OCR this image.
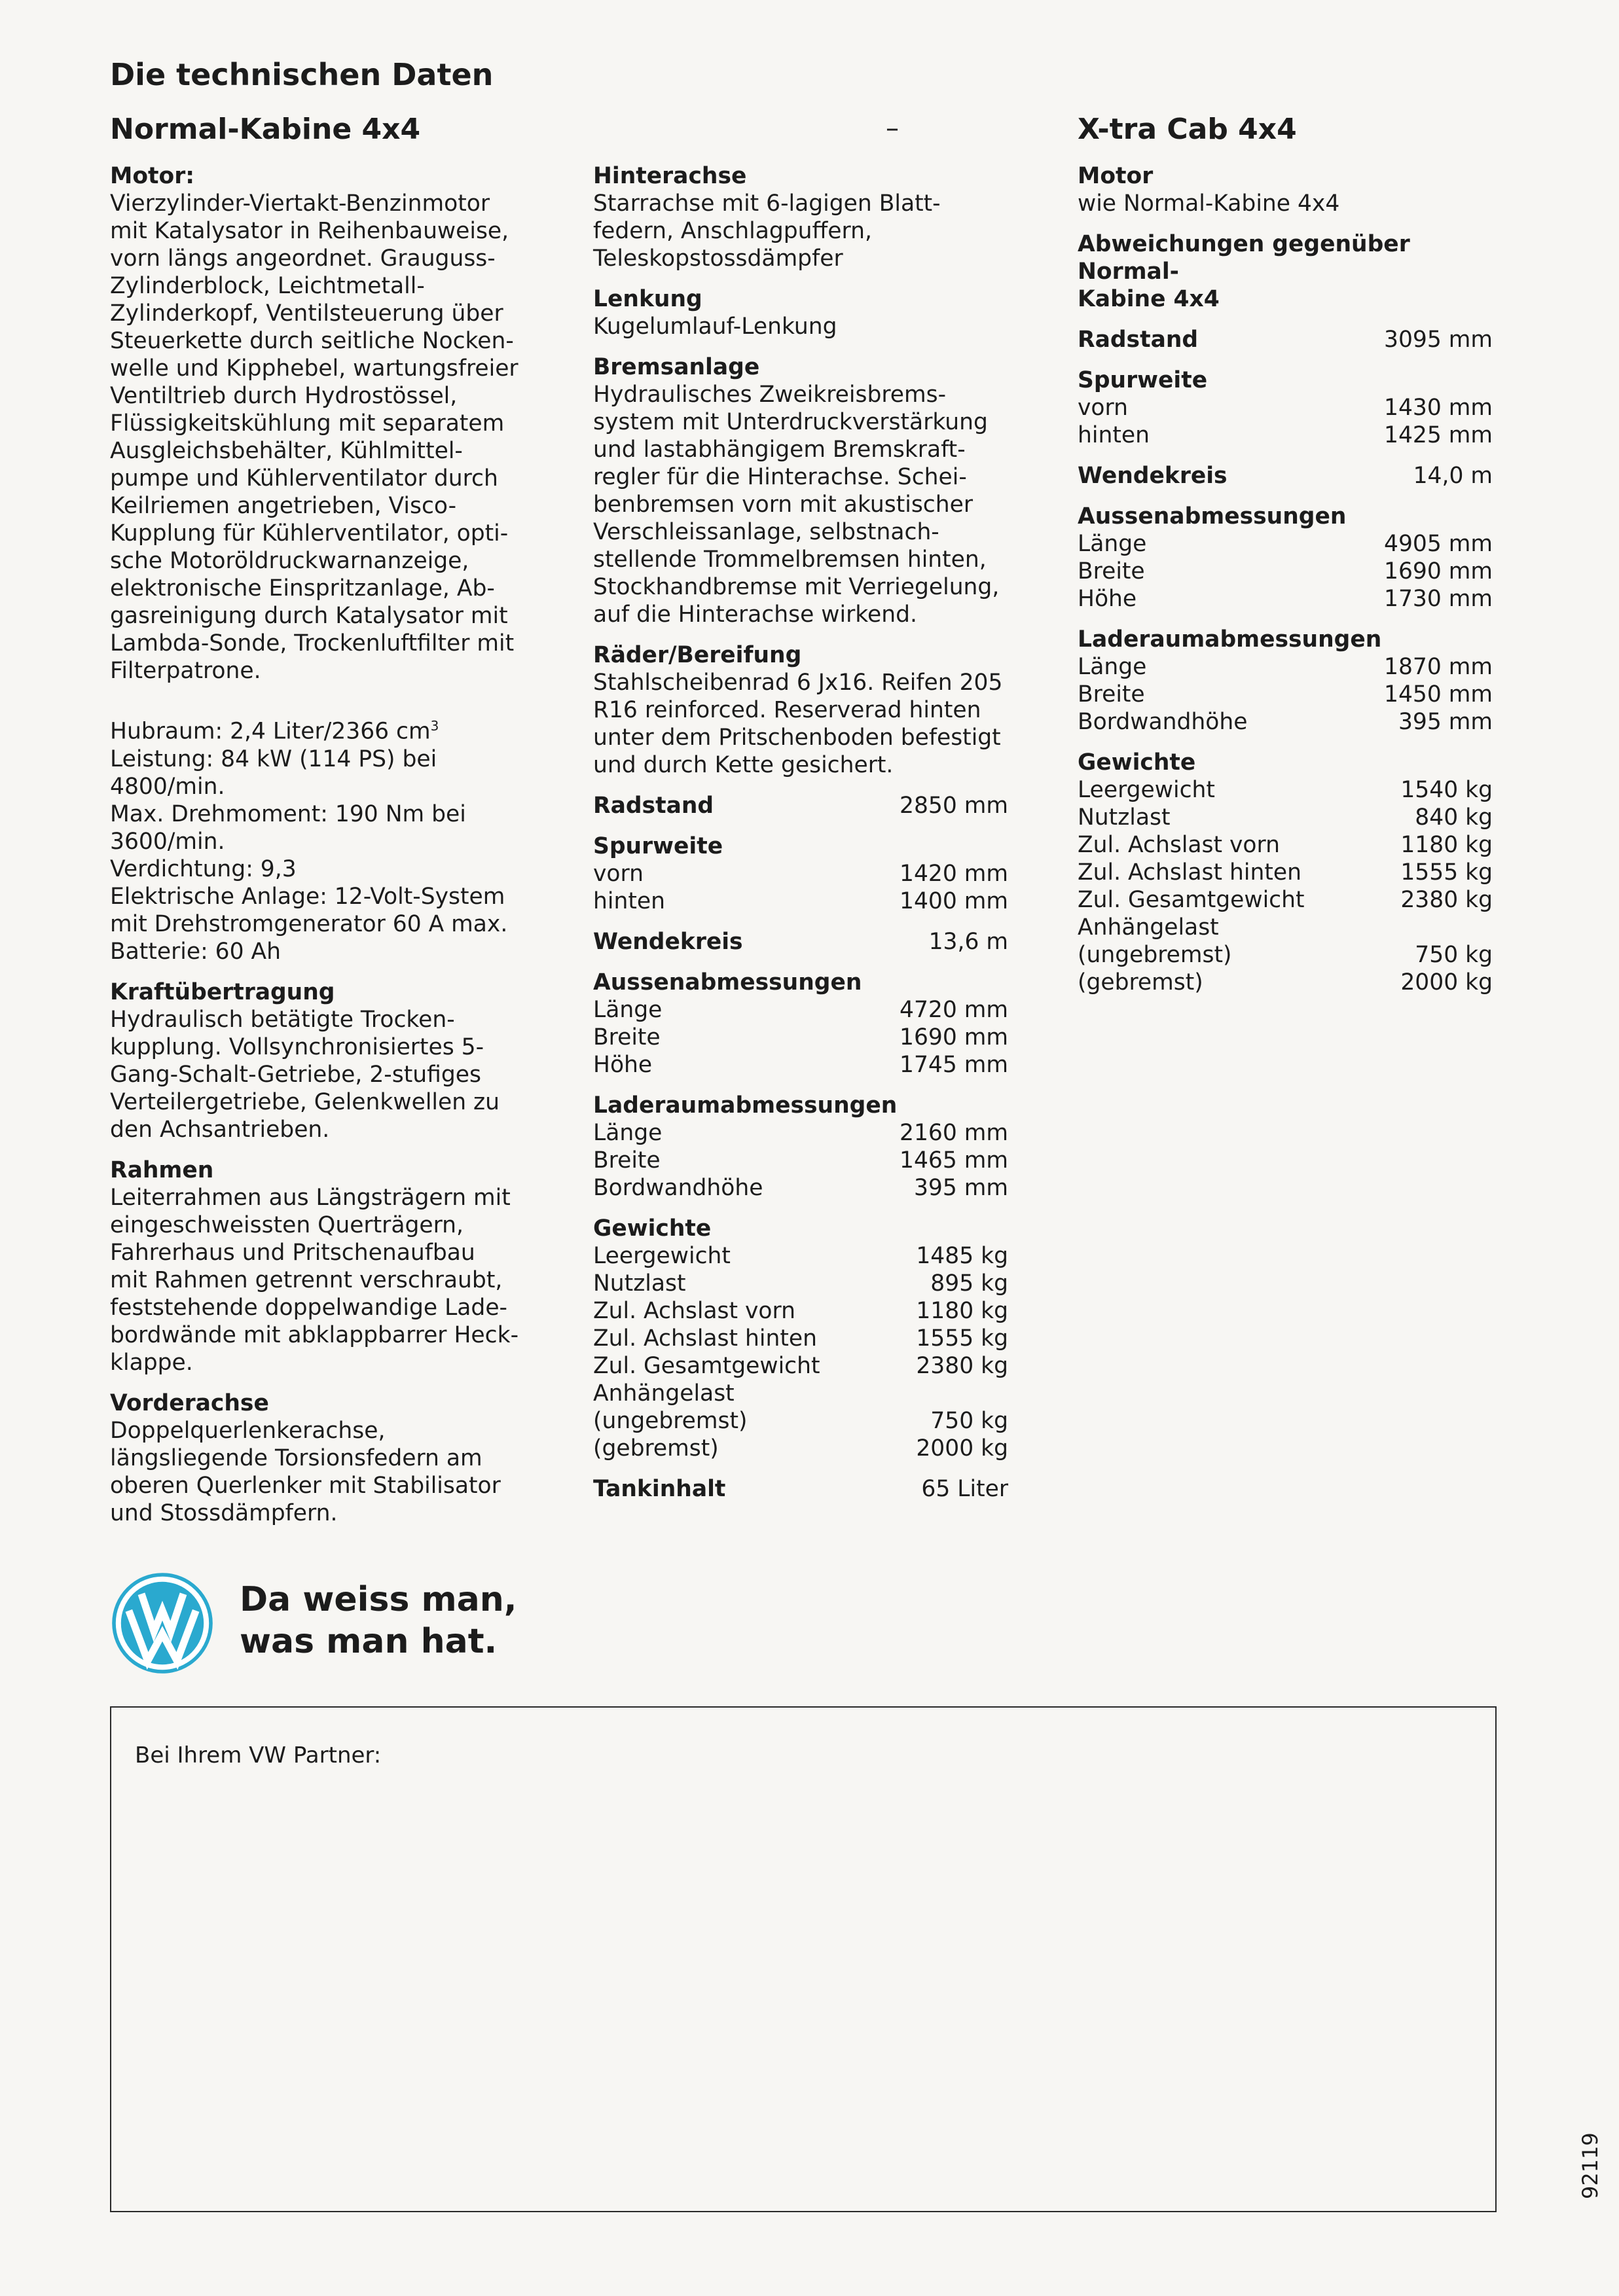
Die technischen Daten
Normal-Kabine 4x4	–	X-tra Cab 4x4
Motor:
Vierzylinder-Viertakt-Benzinmotor
mit Katalysator in Reihenbauweise,
vorn längs angeordnet. Grauguss-
Zylinderblock, Leichtmetall-
Zylinderkopf, Ventilsteuerung über
Steuerkette durch seitliche Nocken-
welle und Kipphebel, wartungsfreier
Ventiltrieb durch Hydrostössel,
Flüssigkeitskühlung mit separatem
Ausgleichsbehälter, Kühlmittel-
pumpe und Kühlerventilator durch
Keilriemen angetrieben, Visco-
Kupplung für Kühlerventilator, opti-
sche Motoröldruckwarnanzeige,
elektronische Einspritzanlage, Ab-
gasreinigung durch Katalysator mit
Lambda-Sonde, Trockenluftfilter mit
Filterpatrone.
Hubraum: 2,4 Liter/2366 $cm^3$
Leistung: 84 kW (114 PS) bei
4800/min.
Max. Drehmoment: 190 Nm bei
3600/min.
Verdichtung: 9,3
Elektrische Anlage: 12-Volt-System
mit Drehstromgenerator 60 A max.
Batterie: 60 Ah
Kraftübertragung
Hydraulisch betätigte Trocken-
kupplung. Vollsynchronisiertes 5-
Gang-Schalt-Getriebe, 2-stufiges
Verteilergetriebe, Gelenkwellen zu
den Achsantrieben.
Rahmen
Leiterrahmen aus Längsträgern mit
eingeschweissten Querträgern,
Fahrerhaus und Pritschenaufbau
mit Rahmen getrennt verschraubt,
feststehende doppelwandige Lade-
bordwände mit abklappbarrer Heck-
klappe.
Vorderachse
Doppelquerlenkerachse,
längsliegende Torsionsfedern am
oberen Querlenker mit Stabilisator
und Stossdämpfern.
Hinterachse
Starrachse mit 6-lagigen Blatt-
federn, Anschlagpuffern,
Teleskopstossdämpfer
Lenkung
Kugelumlauf-Lenkung
Bremsanlage
Hydraulisches Zweikreisbrems-
system mit Unterdruckverstärkung
und lastabhängigem Bremskraft-
regler für die Hinterachse. Schei-
benbremsen vorn mit akustischer
Verschleissanlage, selbstnach-
stellende Trommelbremsen hinten,
Stockhandbremse mit Verriegelung,
auf die Hinterachse wirkend.
Räder/Bereifung
Stahlscheibenrad 6 Jx16. Reifen 205
R16 reinforced. Reserverad hinten
unter dem Pritschenboden befestigt
und durch Kette gesichert.
Radstand	2850 mm
Spurweite
vorn	1420 mm
hinten	1400 mm
Wendekreis	13,6 m
Aussenabmessungen
Länge	4720 mm
Breite	1690 mm
Höhe	1745 mm
Laderaumabmessungen
Länge	2160 mm
Breite	1465 mm
Bordwandhöhe	395 mm
Gewichte
Leergewicht	1485 kg
Nutzlast	895 kg
Zul. Achslast vorn	1180 kg
Zul. Achslast hinten	1555 kg
Zul. Gesamtgewicht	2380 kg
Anhängelast
(ungebremst)	750 kg
(gebremst)	2000 kg
Tankinhalt	65 Liter
Motor
wie Normal-Kabine 4x4
Abweichungen gegenüber Normal-
Kabine 4x4
Radstand	3095 mm
Spurweite
vorn	1430 mm
hinten	1425 mm
Wendekreis	14,0 m
Aussenabmessungen
Länge	4905 mm
Breite	1690 mm
Höhe	1730 mm
Laderaumabmessungen
Länge	1870 mm
Breite	1450 mm
Bordwandhöhe	395 mm
Gewichte
Leergewicht	1540 kg
Nutzlast	840 kg
Zul. Achslast vorn	1180 kg
Zul. Achslast hinten	1555 kg
Zul. Gesamtgewicht	2380 kg
Anhängelast
(ungebremst)	750 kg
(gebremst)	2000 kg
Da weiss man,
was man hat.
Bei Ihrem VW Partner:
92119
